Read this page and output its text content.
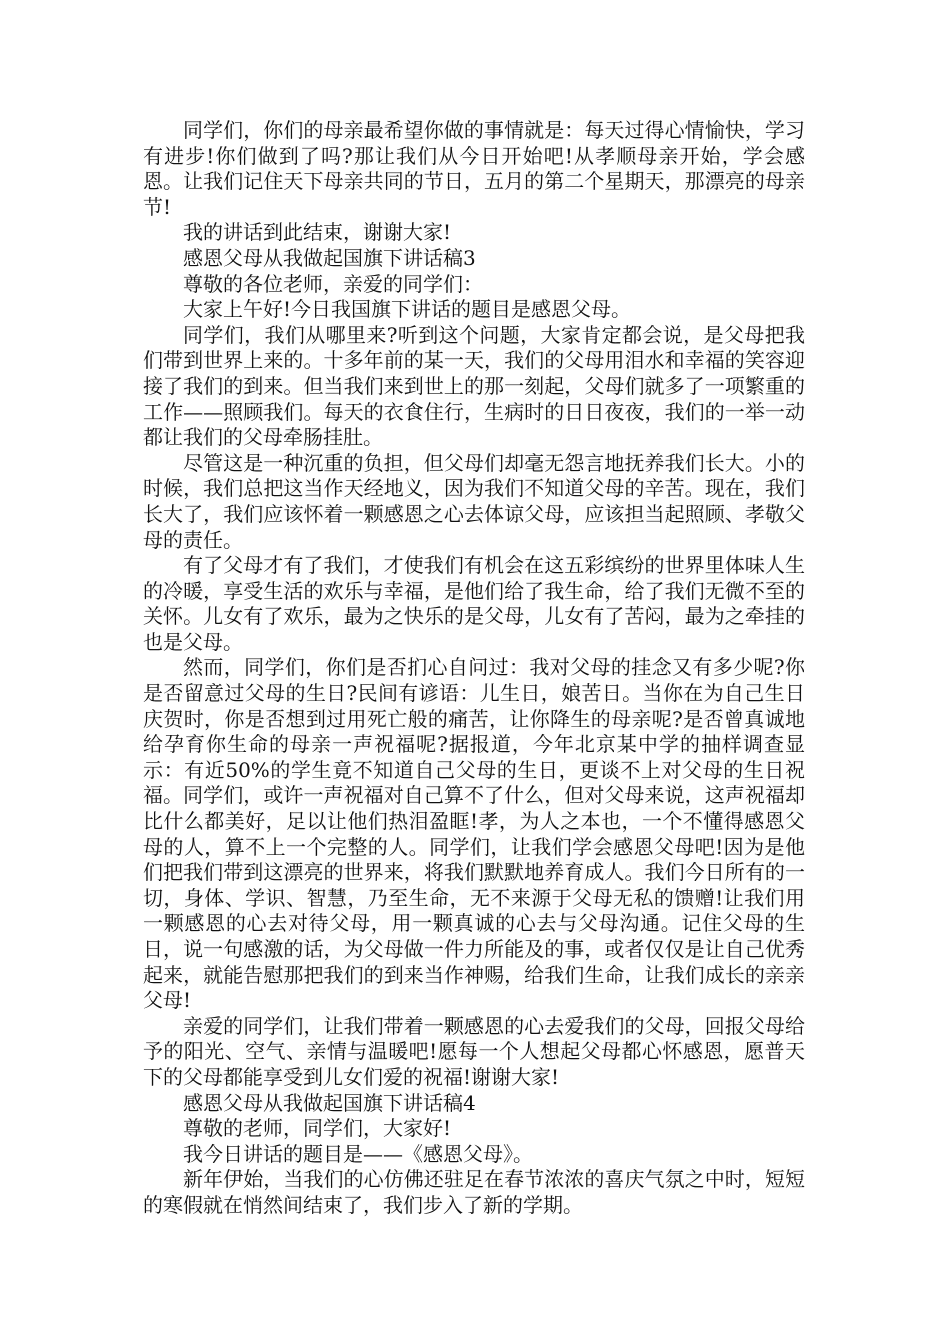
同学们，你们的母亲最希望你做的事情就是：每天过得心情愉快，学习有进步!你们做到了吗?那让我们从今日开始吧!从孝顺母亲开始，学会感恩。让我们记住天下母亲共同的节日，五月的第二个星期天，那漂亮的母亲节!

我的讲话到此结束，谢谢大家!

感恩父母从我做起国旗下讲话稿3

尊敬的各位老师，亲爱的同学们：

大家上午好!今日我国旗下讲话的题目是感恩父母。

同学们，我们从哪里来?听到这个问题，大家肯定都会说，是父母把我们带到世界上来的。十多年前的某一天，我们的父母用泪水和幸福的笑容迎接了我们的到来。但当我们来到世上的那一刻起，父母们就多了一项繁重的工作——照顾我们。每天的衣食住行，生病时的日日夜夜，我们的一举一动都让我们的父母牵肠挂肚。

尽管这是一种沉重的负担，但父母们却毫无怨言地抚养我们长大。小的时候，我们总把这当作天经地义，因为我们不知道父母的辛苦。现在，我们长大了，我们应该怀着一颗感恩之心去体谅父母，应该担当起照顾、孝敬父母的责任。

有了父母才有了我们，才使我们有机会在这五彩缤纷的世界里体味人生的冷暖，享受生活的欢乐与幸福，是他们给了我生命，给了我们无微不至的关怀。儿女有了欢乐，最为之快乐的是父母，儿女有了苦闷，最为之牵挂的也是父母。

然而，同学们，你们是否扪心自问过：我对父母的挂念又有多少呢?你是否留意过父母的生日?民间有谚语：儿生日，娘苦日。当你在为自己生日庆贺时，你是否想到过用死亡般的痛苦，让你降生的母亲呢?是否曾真诚地给孕育你生命的母亲一声祝福呢?据报道，今年北京某中学的抽样调查显示：有近50%的学生竟不知道自己父母的生日，更谈不上对父母的生日祝福。同学们，或许一声祝福对自己算不了什么，但对父母来说，这声祝福却比什么都美好，足以让他们热泪盈眶!孝，为人之本也，一个不懂得感恩父母的人，算不上一个完整的人。同学们，让我们学会感恩父母吧!因为是他们把我们带到这漂亮的世界来，将我们默默地养育成人。我们今日所有的一切，身体、学识、智慧，乃至生命，无不来源于父母无私的馈赠!让我们用一颗感恩的心去对待父母，用一颗真诚的心去与父母沟通。记住父母的生日，说一句感激的话，为父母做一件力所能及的事，或者仅仅是让自己优秀起来，就能告慰那把我们的到来当作神赐，给我们生命，让我们成长的亲亲父母!

亲爱的同学们，让我们带着一颗感恩的心去爱我们的父母，回报父母给予的阳光、空气、亲情与温暖吧!愿每一个人想起父母都心怀感恩，愿普天下的父母都能享受到儿女们爱的祝福!谢谢大家!

感恩父母从我做起国旗下讲话稿4

尊敬的老师，同学们，大家好!

我今日讲话的题目是——《感恩父母》。

新年伊始，当我们的心仿佛还驻足在春节浓浓的喜庆气氛之中时，短短的寒假就在悄然间结束了，我们步入了新的学期。
